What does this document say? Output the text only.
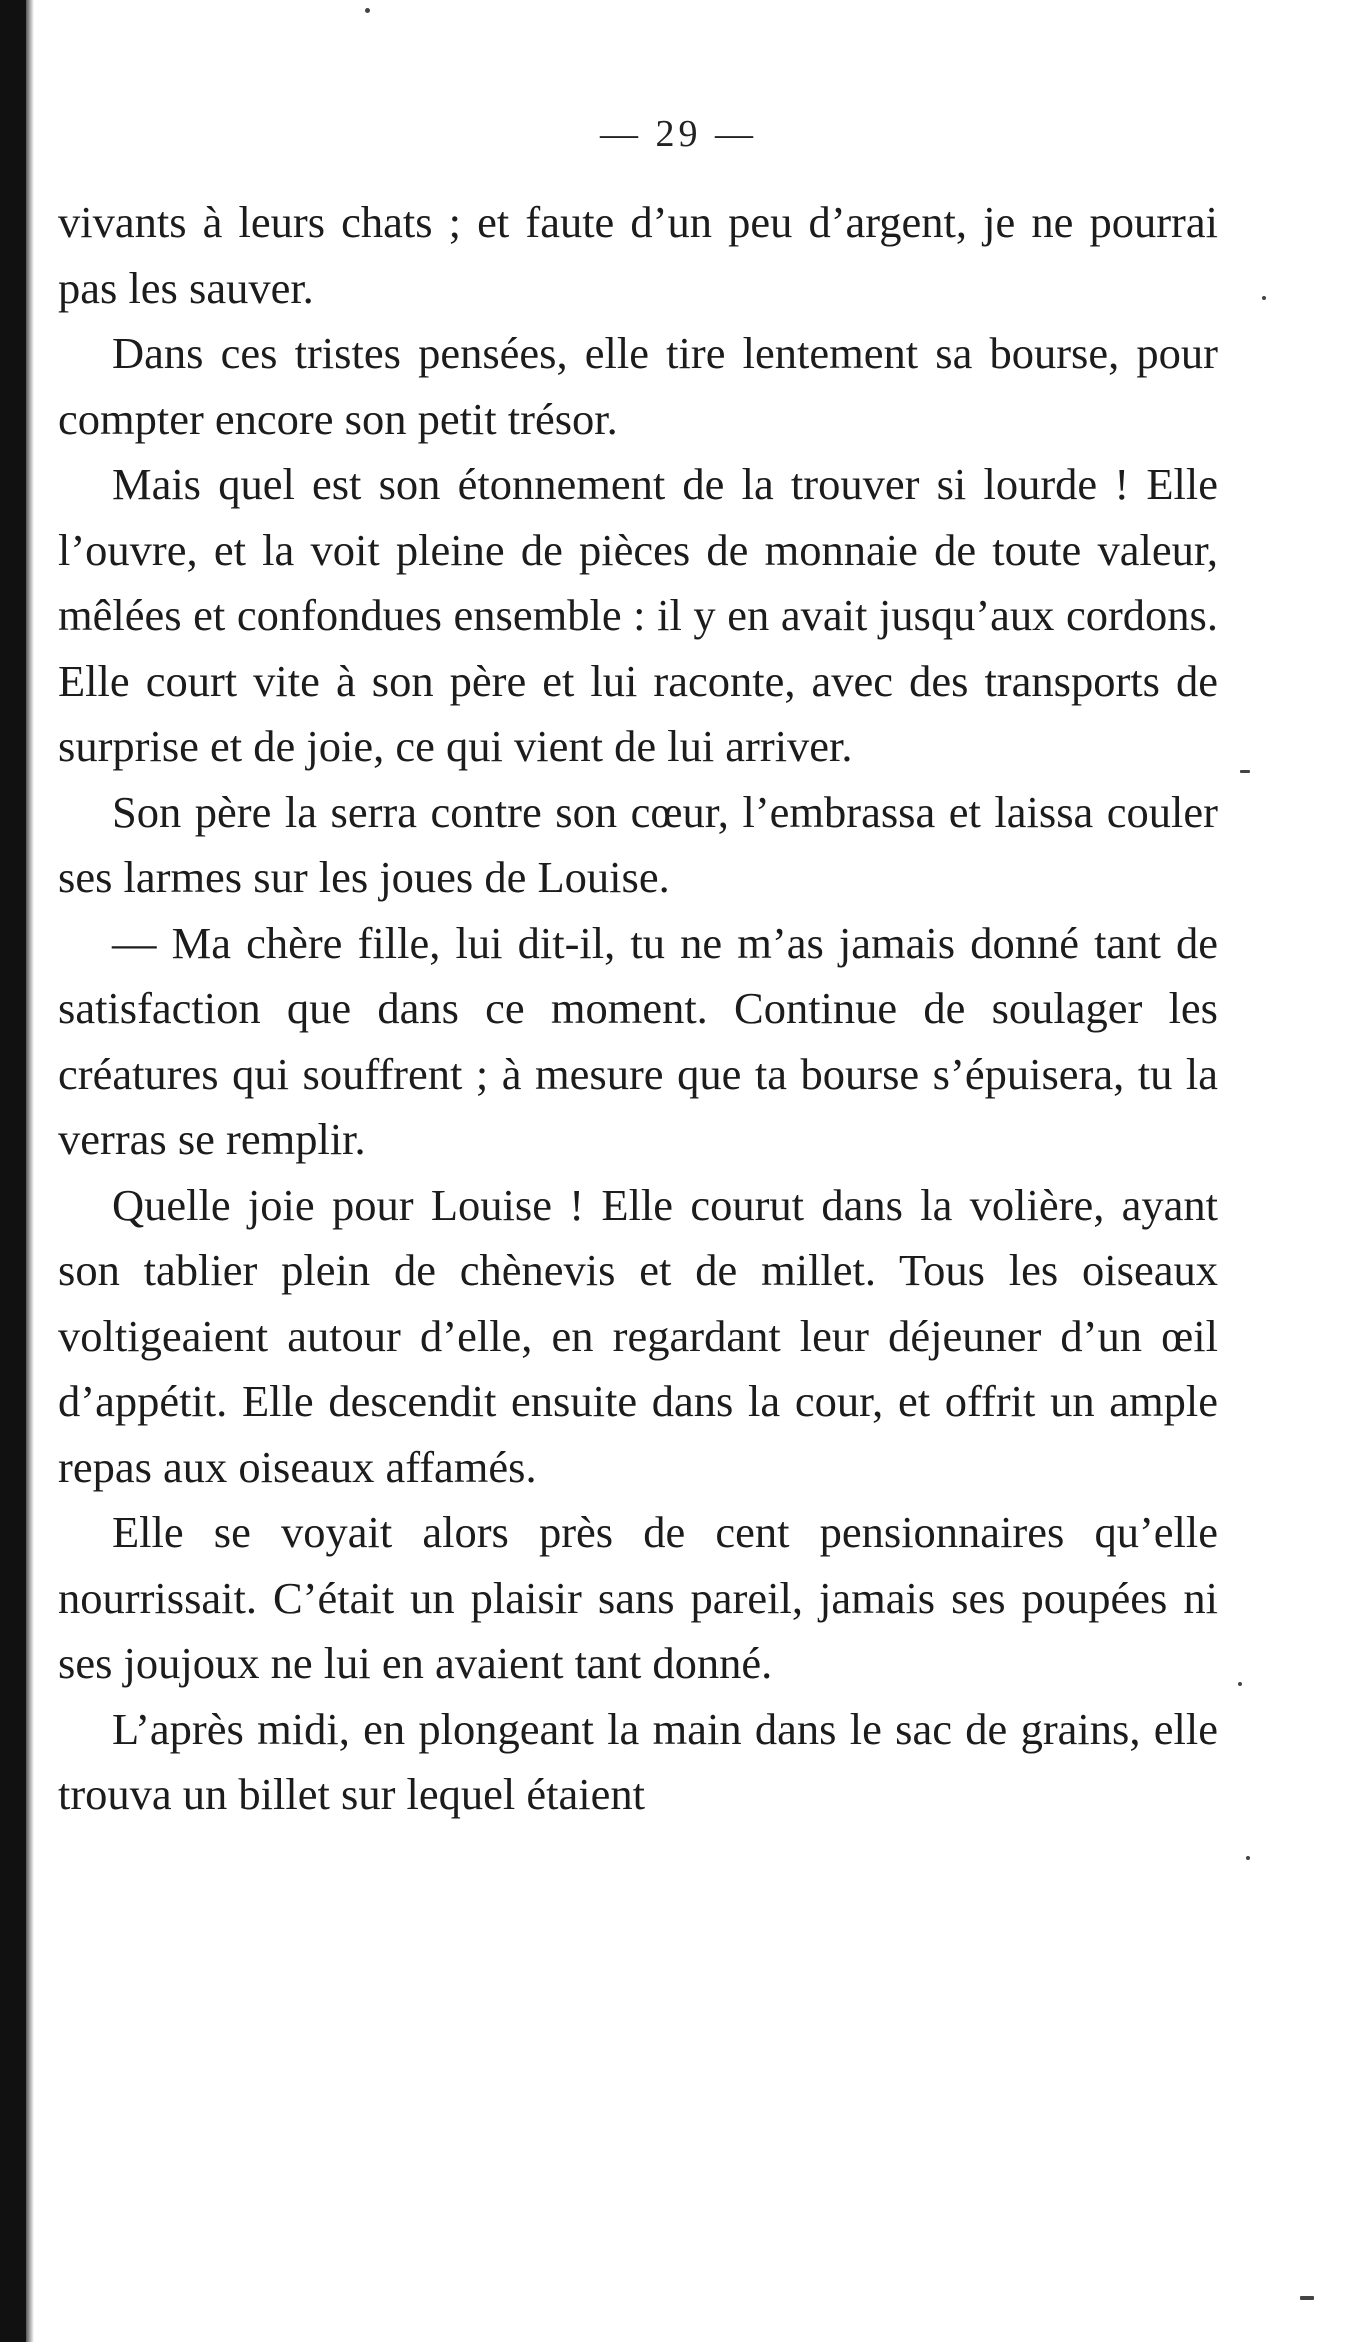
— 29 —

vivants à leurs chats ; et faute d’un peu d’argent, je ne pourrai pas les sauver.

Dans ces tristes pensées, elle tire lentement sa bourse, pour compter encore son petit trésor.

Mais quel est son étonnement de la trouver si lourde ! Elle l’ouvre, et la voit pleine de pièces de monnaie de toute valeur, mêlées et confondues ensemble : il y en avait jusqu’aux cordons. Elle court vite à son père et lui raconte, avec des transports de surprise et de joie, ce qui vient de lui arriver.

Son père la serra contre son cœur, l’embrassa et laissa couler ses larmes sur les joues de Louise.

— Ma chère fille, lui dit-il, tu ne m’as jamais donné tant de satisfaction que dans ce moment. Continue de soulager les créatures qui souffrent ; à mesure que ta bourse s’épuisera, tu la verras se remplir.

Quelle joie pour Louise ! Elle courut dans la volière, ayant son tablier plein de chènevis et de millet. Tous les oiseaux voltigeaient autour d’elle, en regardant leur déjeuner d’un œil d’appétit. Elle descendit ensuite dans la cour, et offrit un ample repas aux oiseaux affamés.

Elle se voyait alors près de cent pensionnaires qu’elle nourrissait. C’était un plaisir sans pareil, jamais ses poupées ni ses joujoux ne lui en avaient tant donné.

L’après midi, en plongeant la main dans le sac de grains, elle trouva un billet sur lequel étaient
